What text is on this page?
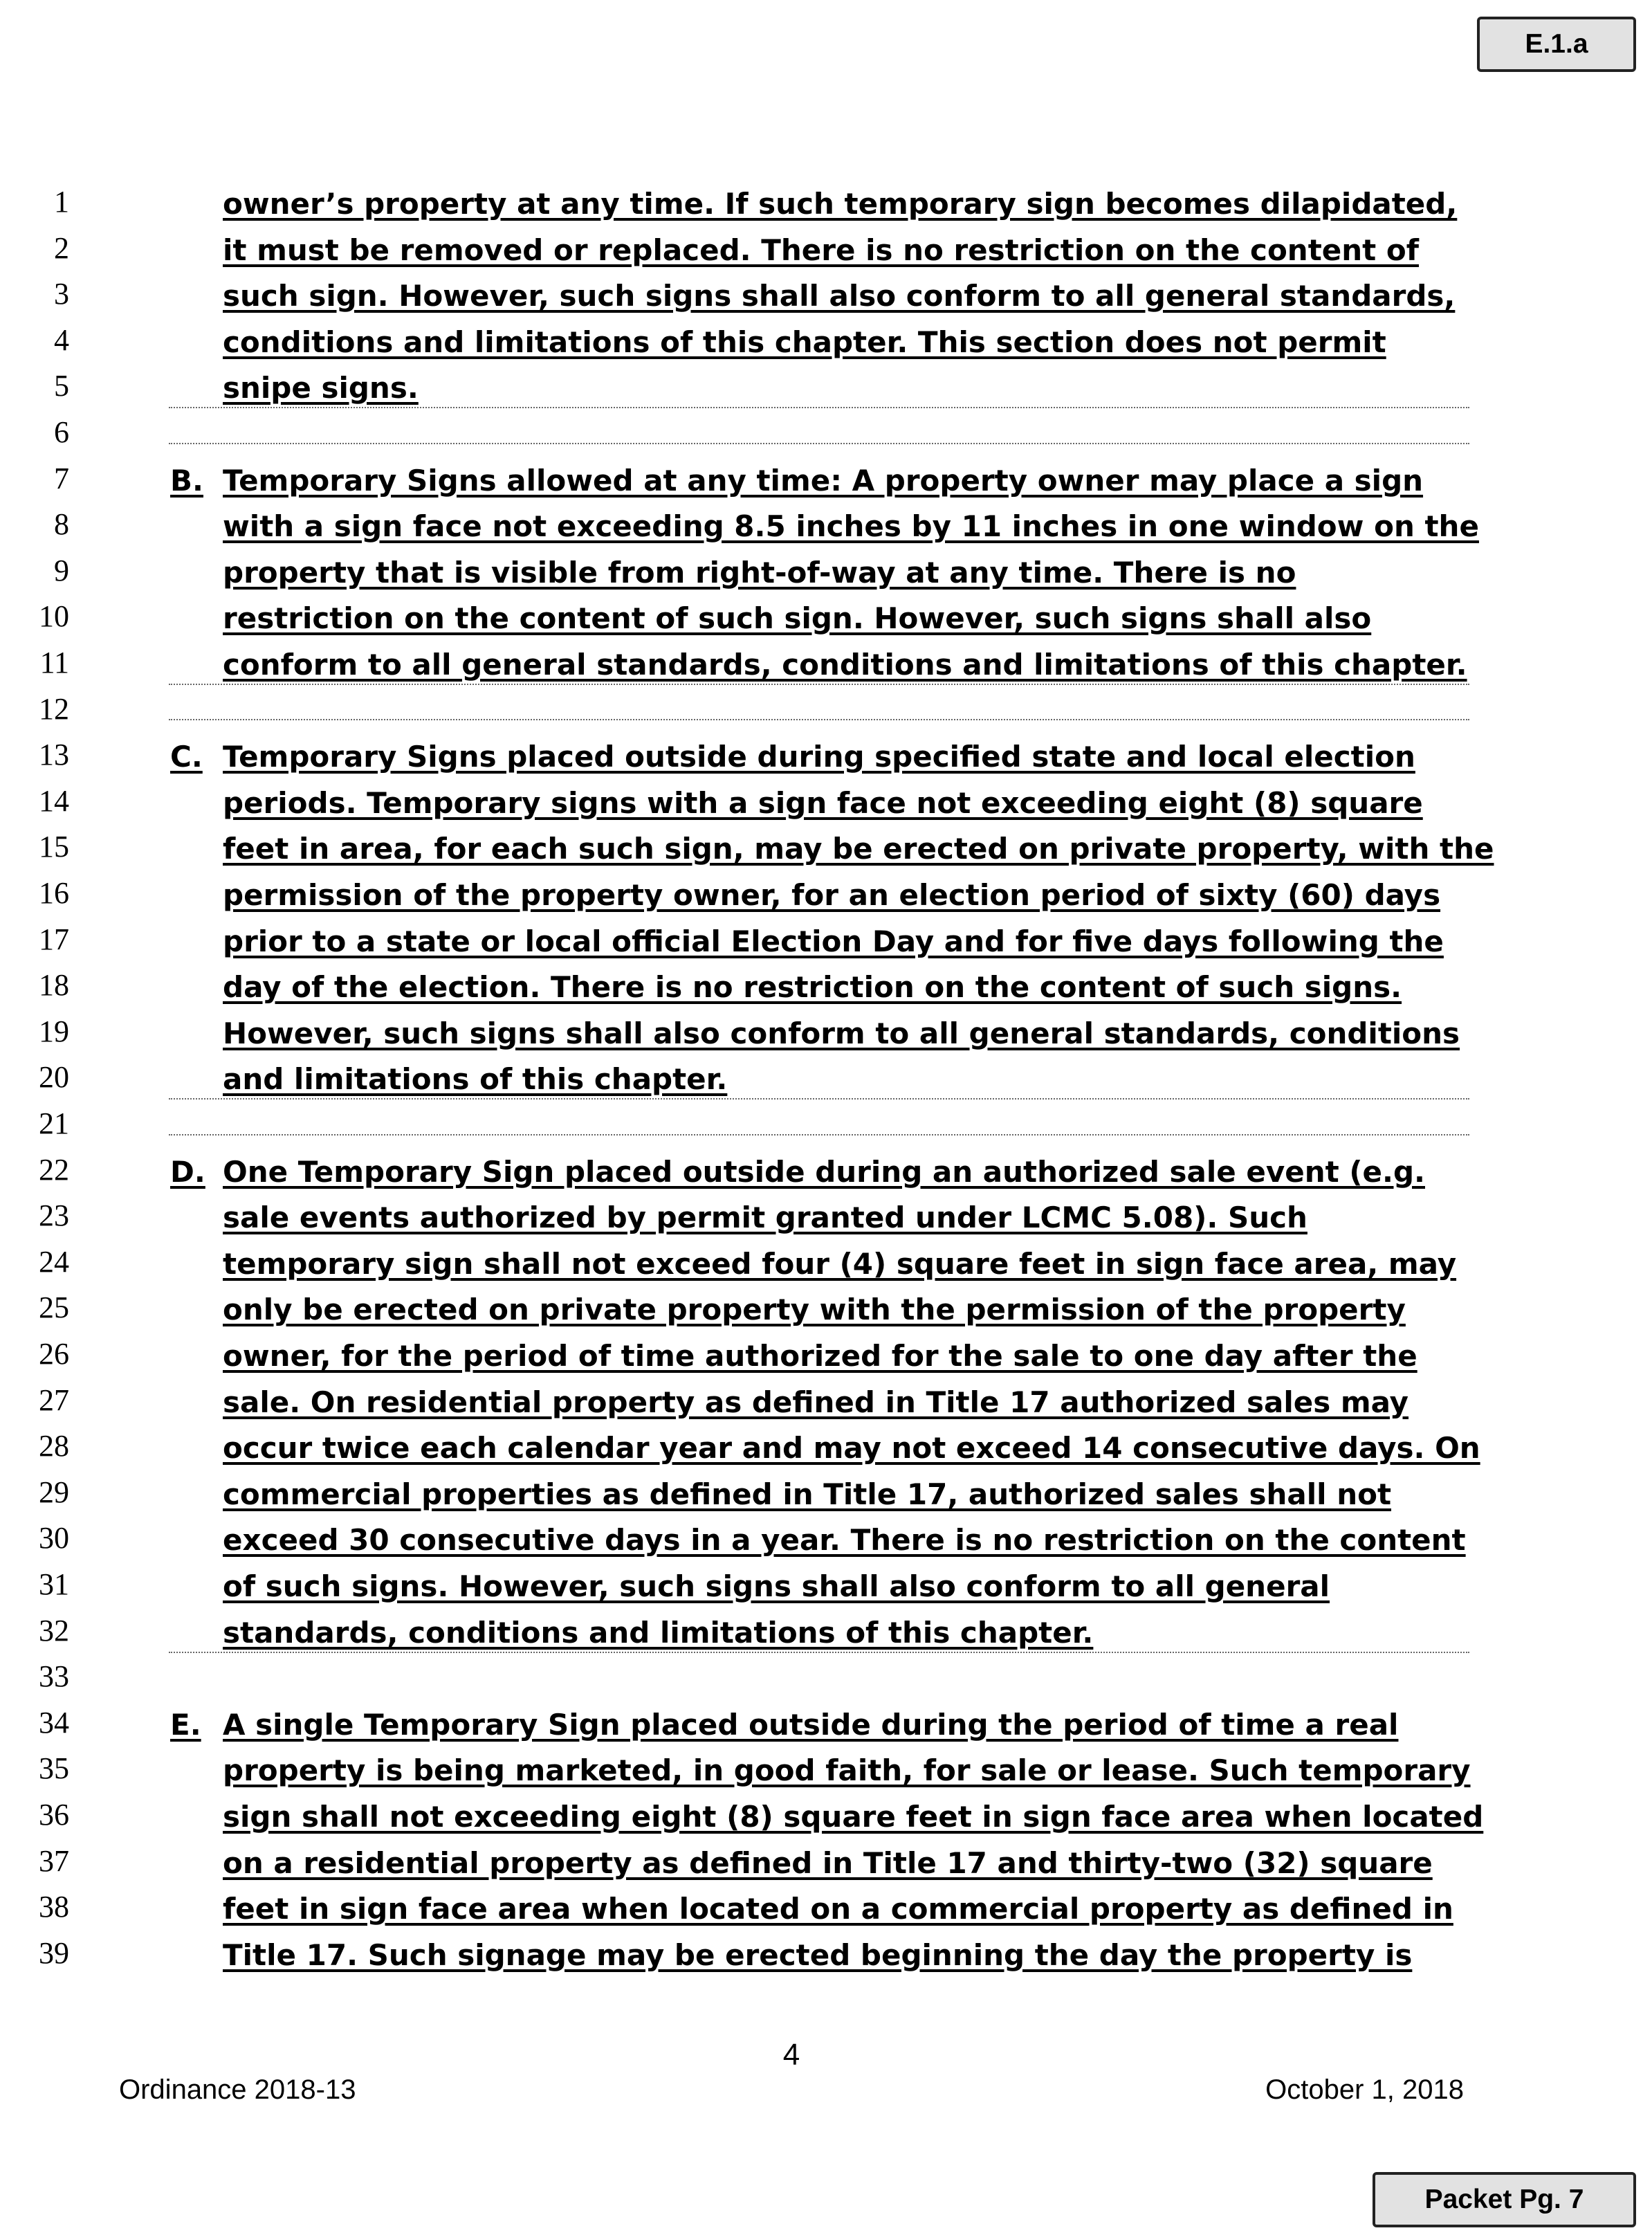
E.1.a
1
2
3
4
5
6
7
8
9
10
11
12
13
14
15
16
17
18
19
20
21
22
23
24
25
26
27
28
29
30
31
32
33
34
35
36
37
38
39
owner’s property at any time. If such temporary sign becomes dilapidated,
it must be removed or replaced. There is no restriction on the content of
such sign. However, such signs shall also conform to all general standards,
conditions and limitations of this chapter. This section does not permit
snipe signs.
B. Temporary Signs allowed at any time: A property owner may place a sign
with a sign face not exceeding 8.5 inches by 11 inches in one window on the
property that is visible from right-of-way at any time. There is no
restriction on the content of such sign. However, such signs shall also
conform to all general standards, conditions and limitations of this chapter.
C. Temporary Signs placed outside during specified state and local election
periods. Temporary signs with a sign face not exceeding eight (8) square
feet in area, for each such sign, may be erected on private property, with the
permission of the property owner, for an election period of sixty (60) days
prior to a state or local official Election Day and for five days following the
day of the election. There is no restriction on the content of such signs.
However, such signs shall also conform to all general standards, conditions
and limitations of this chapter.
D. One Temporary Sign placed outside during an authorized sale event (e.g.
sale events authorized by permit granted under LCMC 5.08). Such
temporary sign shall not exceed four (4) square feet in sign face area, may
only be erected on private property with the permission of the property
owner, for the period of time authorized for the sale to one day after the
sale. On residential property as defined in Title 17 authorized sales may
occur twice each calendar year and may not exceed 14 consecutive days. On
commercial properties as defined in Title 17, authorized sales shall not
exceed 30 consecutive days in a year. There is no restriction on the content
of such signs. However, such signs shall also conform to all general
standards, conditions and limitations of this chapter.
E. A single Temporary Sign placed outside during the period of time a real
property is being marketed, in good faith, for sale or lease. Such temporary
sign shall not exceeding eight (8) square feet in sign face area when located
on a residential property as defined in Title 17 and thirty-two (32) square
feet in sign face area when located on a commercial property as defined in
Title 17. Such signage may be erected beginning the day the property is
4
Ordinance 2018-13	October 1, 2018
Packet Pg. 7
